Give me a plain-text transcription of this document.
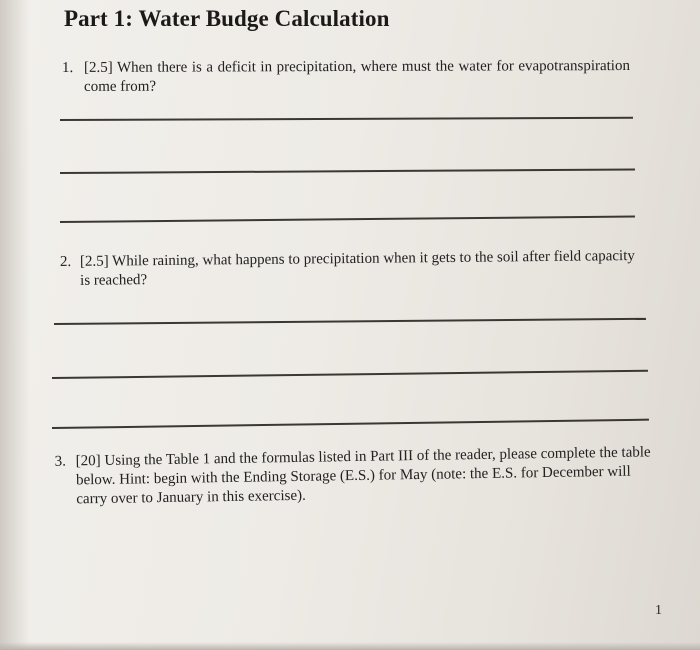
Part 1: Water Budge Calculation
1. [2.5] When there is a deficit in precipitation, where must the water for evapotranspiration come from?
2. [2.5] While raining, what happens to precipitation when it gets to the soil after field capacity is reached?
3. [20] Using the Table 1 and the formulas listed in Part III of the reader, please complete the table below. Hint: begin with the Ending Storage (E.S.) for May (note: the E.S. for December will carry over to January in this exercise).
1
